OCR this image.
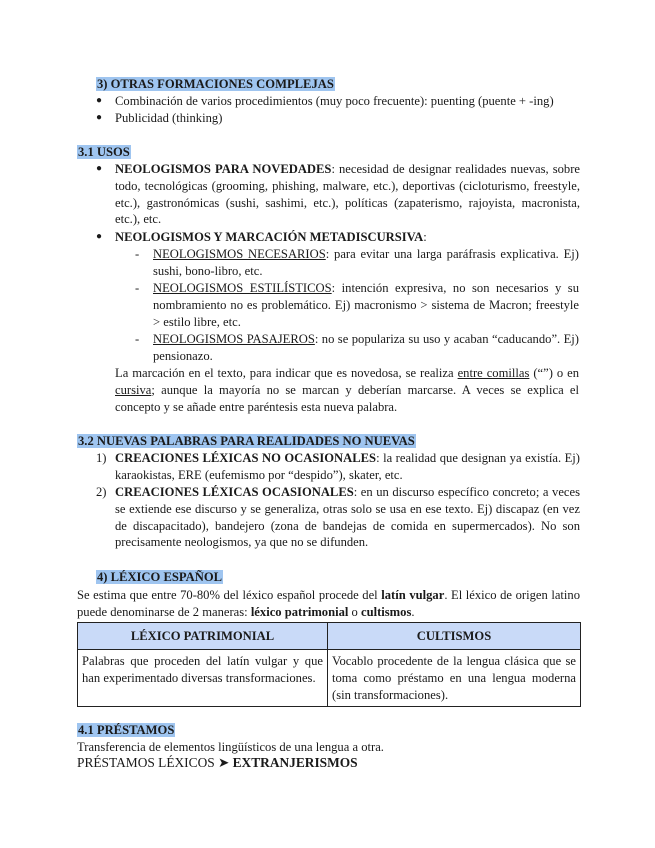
3) OTRAS FORMACIONES COMPLEJAS
● Combinación de varios procedimientos (muy poco frecuente): puenting (puente + -ing)
● Publicidad (thinking)
3.1 USOS
● NEOLOGISMOS PARA NOVEDADES: necesidad de designar realidades nuevas, sobre todo, tecnológicas (grooming, phishing, malware, etc.), deportivas (cicloturismo, freestyle, etc.), gastronómicas (sushi, sashimi, etc.), políticas (zapaterismo, rajoyista, macronista, etc.), etc.
● NEOLOGISMOS Y MARCACIÓN METADISCURSIVA:
- NEOLOGISMOS NECESARIOS: para evitar una larga paráfrasis explicativa. Ej) sushi, bono-libro, etc.
- NEOLOGISMOS ESTILÍSTICOS: intención expresiva, no son necesarios y su nombramiento no es problemático. Ej) macronismo > sistema de Macron; freestyle > estilo libre, etc.
- NEOLOGISMOS PASAJEROS: no se populariza su uso y acaban “caducando”. Ej) pensionazo.
La marcación en el texto, para indicar que es novedosa, se realiza entre comillas (“”) o en cursiva; aunque la mayoría no se marcan y deberían marcarse. A veces se explica el concepto y se añade entre paréntesis esta nueva palabra.
3.2 NUEVAS PALABRAS PARA REALIDADES NO NUEVAS
1) CREACIONES LÉXICAS NO OCASIONALES: la realidad que designan ya existía. Ej) karaokistas, ERE (eufemismo por “despido”), skater, etc.
2) CREACIONES LÉXICAS OCASIONALES: en un discurso específico concreto; a veces se extiende ese discurso y se generaliza, otras solo se usa en ese texto. Ej) discapaz (en vez de discapacitado), bandejero (zona de bandejas de comida en supermercados). No son precisamente neologismos, ya que no se difunden.
4) LÉXICO ESPAÑOL
Se estima que entre 70-80% del léxico español procede del latín vulgar. El léxico de origen latino puede denominarse de 2 maneras: léxico patrimonial o cultismos.
LÉXICO PATRIMONIAL	CULTISMOS
Palabras que proceden del latín vulgar y que han experimentado diversas transformaciones.	Vocablo procedente de la lengua clásica que se toma como préstamo en una lengua moderna (sin transformaciones).
4.1 PRÉSTAMOS
Transferencia de elementos lingüísticos de una lengua a otra.
PRÉSTAMOS LÉXICOS ➤ EXTRANJERISMOS
